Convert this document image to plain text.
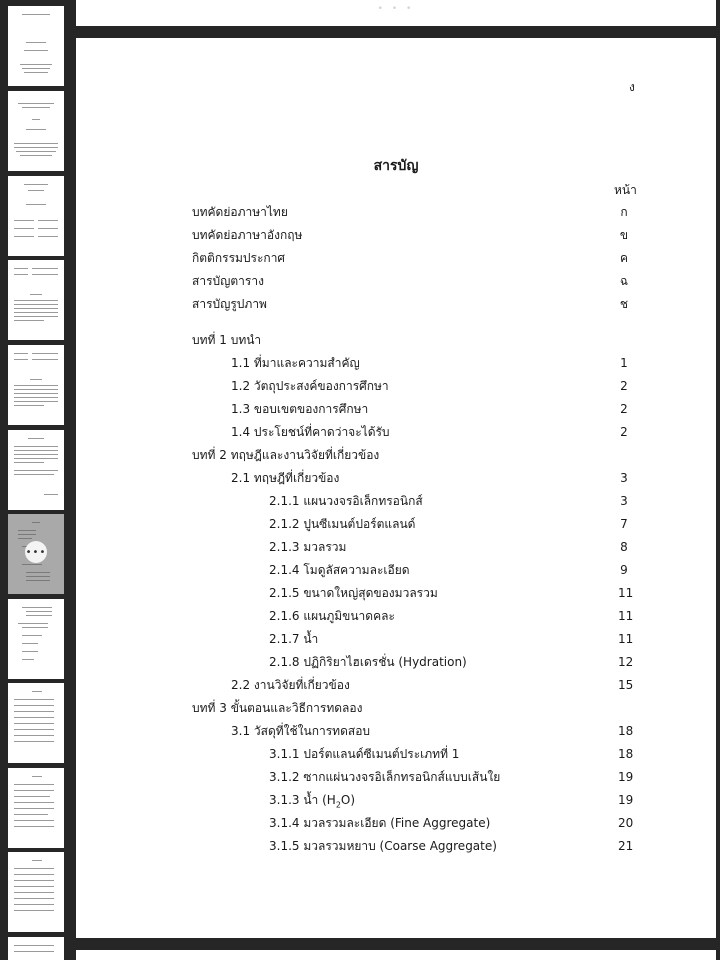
•••
• • •
ง
สารบัญ
หน้า
บทคัดย่อภาษาไทย	ก
บทคัดย่อภาษาอังกฤษ	ข
กิตติกรรมประกาศ	ค
สารบัญตาราง	ฉ
สารบัญรูปภาพ	ช
บทที่ 1 บทนำ
1.1 ที่มาและความสำคัญ	1
1.2 วัตถุประสงค์ของการศึกษา	2
1.3 ขอบเขตของการศึกษา	2
1.4 ประโยชน์ที่คาดว่าจะได้รับ	2
บทที่ 2 ทฤษฎีและงานวิจัยที่เกี่ยวข้อง
2.1 ทฤษฎีที่เกี่ยวข้อง	3
2.1.1 แผนวงจรอิเล็กทรอนิกส์	3
2.1.2 ปูนซีเมนต์ปอร์ตแลนด์	7
2.1.3 มวลรวม	8
2.1.4 โมดูลัสความละเอียด	9
2.1.5 ขนาดใหญ่สุดของมวลรวม	11
2.1.6 แผนภูมิขนาดคละ	11
2.1.7 น้ำ	11
2.1.8 ปฏิกิริยาไฮเดรชั่น (Hydration)	12
2.2 งานวิจัยที่เกี่ยวข้อง	15
บทที่ 3 ขั้นตอนและวิธีการทดลอง
3.1 วัสดุที่ใช้ในการทดสอบ	18
3.1.1 ปอร์ตแลนด์ซีเมนต์ประเภทที่ 1	18
3.1.2 ซากแผ่นวงจรอิเล็กทรอนิกส์แบบเส้นใย	19
3.1.3 น้ำ $(H_2O)$	19
3.1.4 มวลรวมละเอียด (Fine Aggregate)	20
3.1.5 มวลรวมหยาบ (Coarse Aggregate)	21
